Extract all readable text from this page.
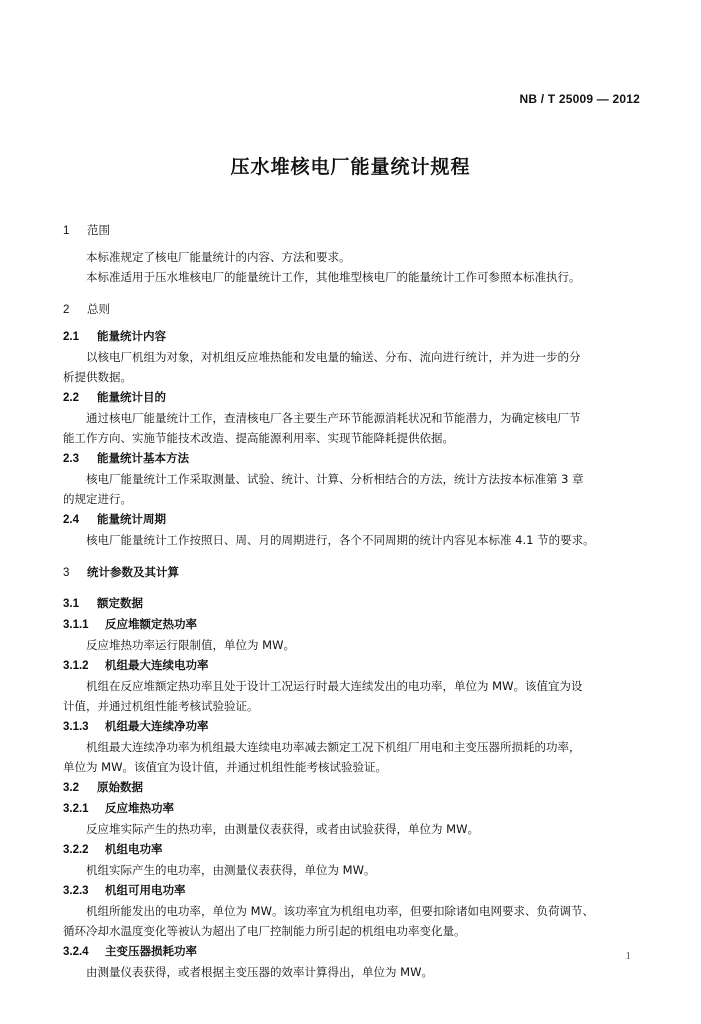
NB / T 25009 — 2012
压水堆核电厂能量统计规程
1 范围
本标准规定了核电厂能量统计的内容、方法和要求。
本标准适用于压水堆核电厂的能量统计工作，其他堆型核电厂的能量统计工作可参照本标准执行。
2 总则
2.1 能量统计内容
以核电厂机组为对象，对机组反应堆热能和发电量的输送、分布、流向进行统计，并为进一步的分
析提供数据。
2.2 能量统计目的
通过核电厂能量统计工作，查清核电厂各主要生产环节能源消耗状况和节能潜力，为确定核电厂节
能工作方向、实施节能技术改造、提高能源利用率、实现节能降耗提供依据。
2.3 能量统计基本方法
核电厂能量统计工作采取测量、试验、统计、计算、分析相结合的方法，统计方法按本标准第 3 章
的规定进行。
2.4 能量统计周期
核电厂能量统计工作按照日、周、月的周期进行，各个不同周期的统计内容见本标准 4.1 节的要求。
3 统计参数及其计算
3.1 额定数据
3.1.1 反应堆额定热功率
反应堆热功率运行限制值，单位为 MW。
3.1.2 机组最大连续电功率
机组在反应堆额定热功率且处于设计工况运行时最大连续发出的电功率，单位为 MW。该值宜为设
计值，并通过机组性能考核试验验证。
3.1.3 机组最大连续净功率
机组最大连续净功率为机组最大连续电功率减去额定工况下机组厂用电和主变压器所损耗的功率，
单位为 MW。该值宜为设计值，并通过机组性能考核试验验证。
3.2 原始数据
3.2.1 反应堆热功率
反应堆实际产生的热功率，由测量仪表获得，或者由试验获得，单位为 MW。
3.2.2 机组电功率
机组实际产生的电功率，由测量仪表获得，单位为 MW。
3.2.3 机组可用电功率
机组所能发出的电功率，单位为 MW。该功率宜为机组电功率，但要扣除诸如电网要求、负荷调节、
循环冷却水温度变化等被认为超出了电厂控制能力所引起的机组电功率变化量。
3.2.4 主变压器损耗功率
由测量仪表获得，或者根据主变压器的效率计算得出，单位为 MW。
1
